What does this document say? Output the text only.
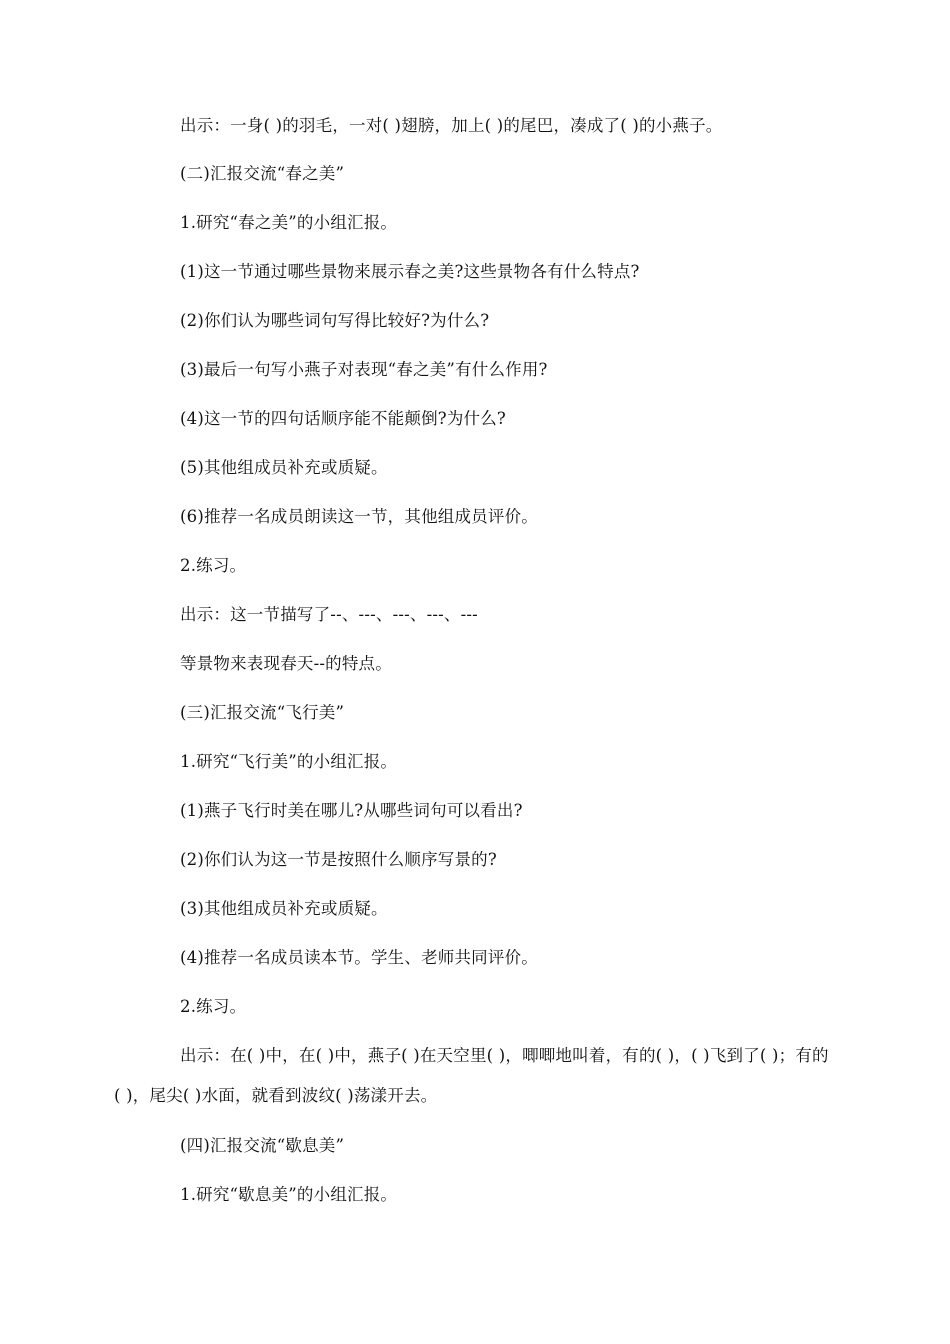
出示：一身( )的羽毛，一对( )翅膀，加上( )的尾巴，凑成了( )的小燕子。
(二)汇报交流“春之美”
1.研究“春之美”的小组汇报。
(1)这一节通过哪些景物来展示春之美?这些景物各有什么特点?
(2)你们认为哪些词句写得比较好?为什么?
(3)最后一句写小燕子对表现“春之美”有什么作用?
(4)这一节的四句话顺序能不能颠倒?为什么?
(5)其他组成员补充或质疑。
(6)推荐一名成员朗读这一节，其他组成员评价。
2.练习。
出示：这一节描写了--、---、---、---、---
等景物来表现春天--的特点。
(三)汇报交流“飞行美”
1.研究“飞行美”的小组汇报。
(1)燕子飞行时美在哪儿?从哪些词句可以看出?
(2)你们认为这一节是按照什么顺序写景的?
(3)其他组成员补充或质疑。
(4)推荐一名成员读本节。学生、老师共同评价。
2.练习。
出示：在( )中，在( )中，燕子( )在天空里( )，唧唧地叫着，有的( )，( )飞到了( )；有的( )，尾尖( )水面，就看到波纹( )荡漾开去。
(四)汇报交流“歇息美”
1.研究“歇息美”的小组汇报。
